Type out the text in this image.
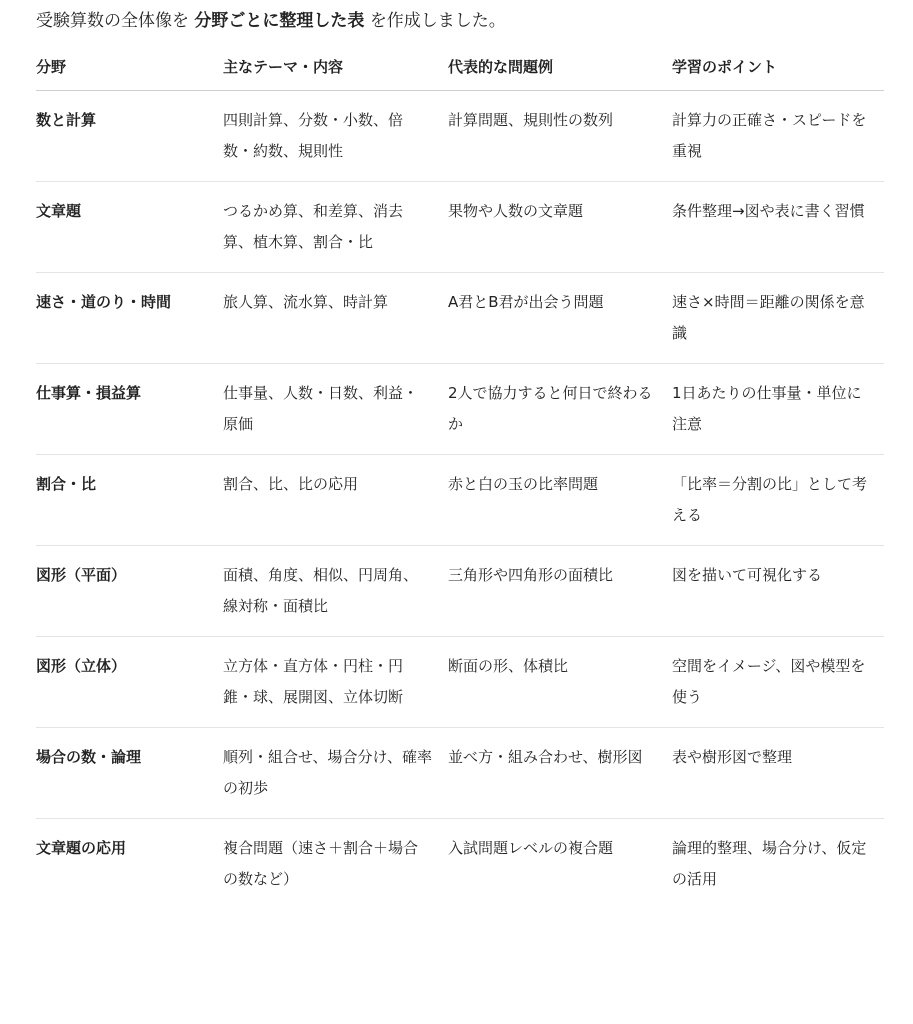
受験算数の全体像を 分野ごとに整理した表 を作成しました。
分野	主なテーマ・内容	代表的な問題例	学習のポイント
数と計算	四則計算、分数・小数、倍数・約数、規則性	計算問題、規則性の数列	計算力の正確さ・スピードを重視
文章題	つるかめ算、和差算、消去算、植木算、割合・比	果物や人数の文章題	条件整理→図や表に書く習慣
速さ・道のり・時間	旅人算、流水算、時計算	A君とB君が出会う問題	速さ×時間＝距離の関係を意識
仕事算・損益算	仕事量、人数・日数、利益・原価	2人で協力すると何日で終わるか	1日あたりの仕事量・単位に注意
割合・比	割合、比、比の応用	赤と白の玉の比率問題	「比率＝分割の比」として考える
図形（平面）	面積、角度、相似、円周角、線対称・面積比	三角形や四角形の面積比	図を描いて可視化する
図形（立体）	立方体・直方体・円柱・円錐・球、展開図、立体切断	断面の形、体積比	空間をイメージ、図や模型を使う
場合の数・論理	順列・組合せ、場合分け、確率の初歩	並べ方・組み合わせ、樹形図	表や樹形図で整理
文章題の応用	複合問題（速さ＋割合＋場合の数など）	入試問題レベルの複合題	論理的整理、場合分け、仮定の活用
